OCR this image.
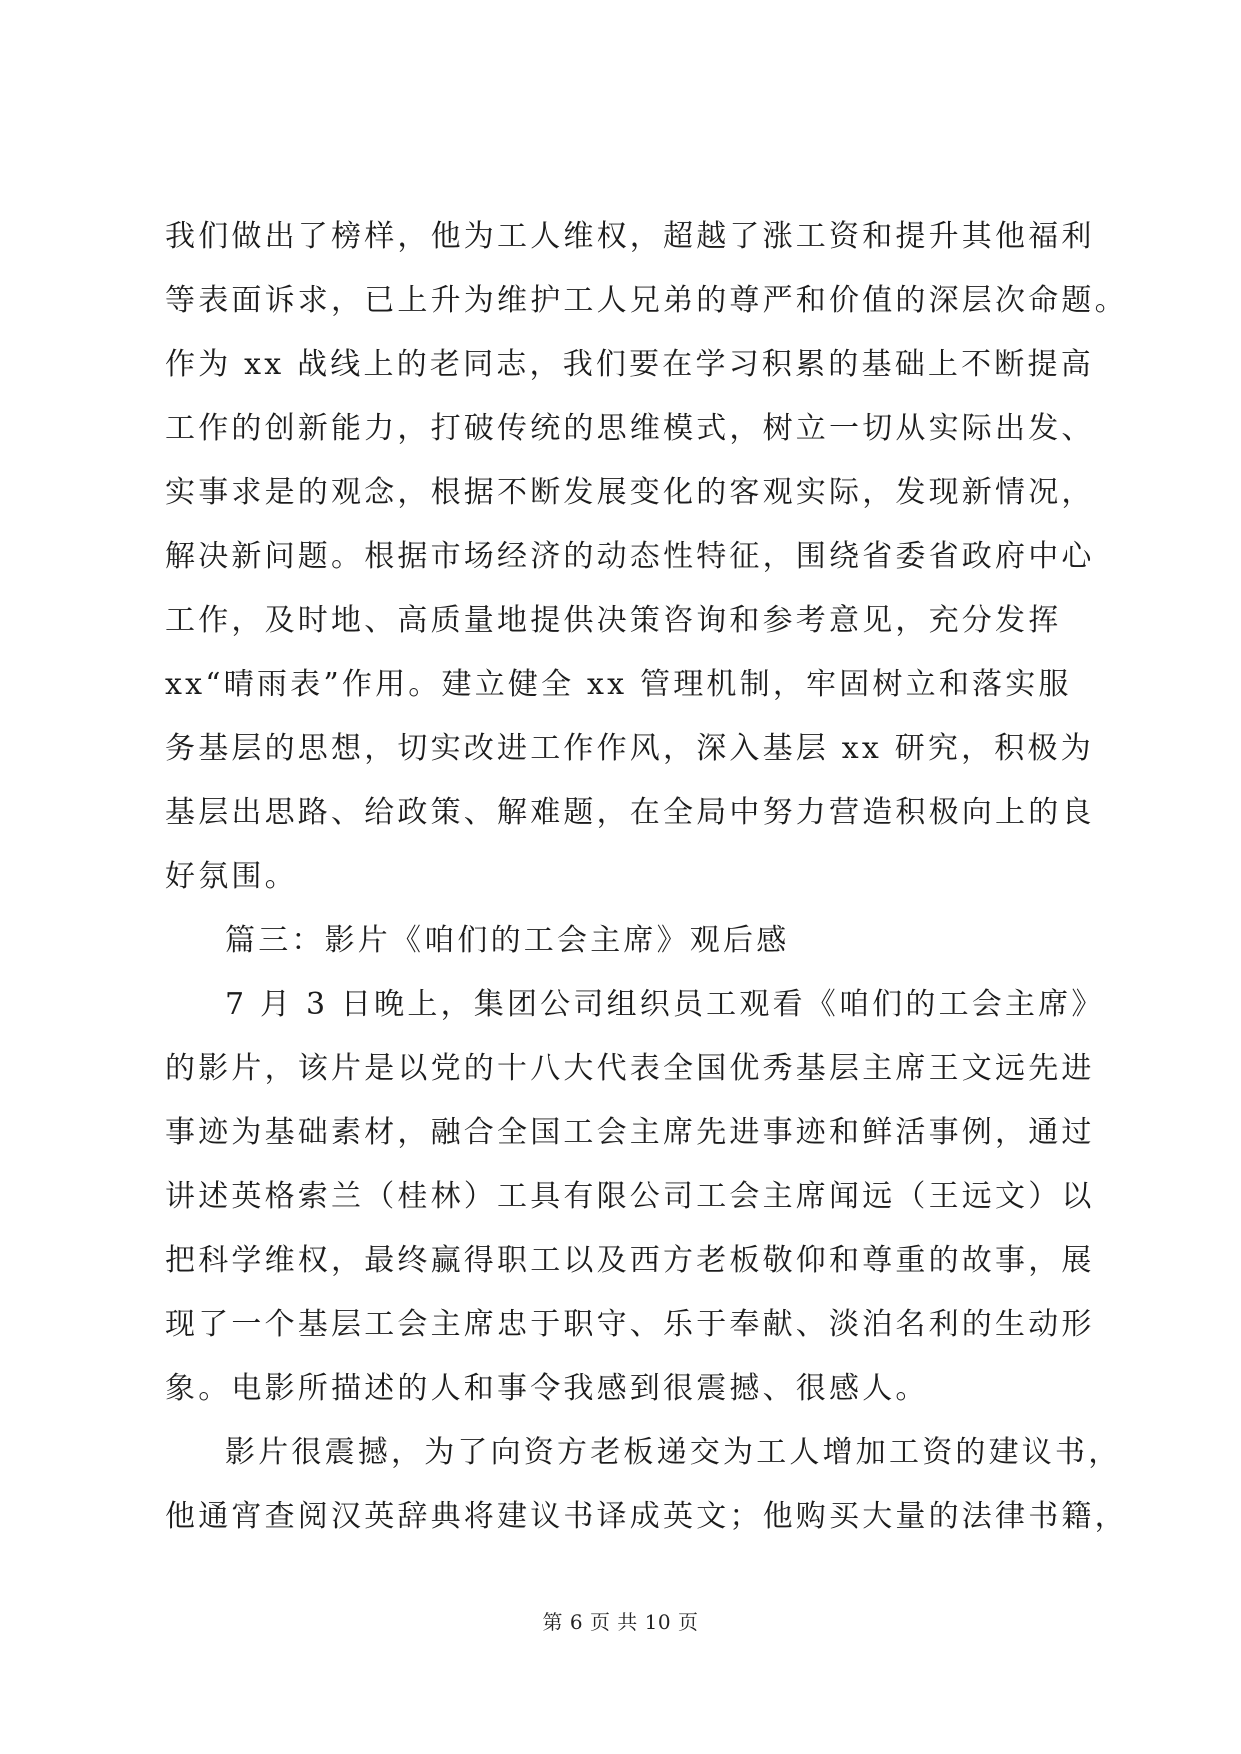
我们做出了榜样，他为工人维权，超越了涨工资和提升其他福利
等表面诉求，已上升为维护工人兄弟的尊严和价值的深层次命题。
作为 xx 战线上的老同志，我们要在学习积累的基础上不断提高
工作的创新能力，打破传统的思维模式，树立一切从实际出发、
实事求是的观念，根据不断发展变化的客观实际，发现新情况，
解决新问题。根据市场经济的动态性特征，围绕省委省政府中心
工作，及时地、高质量地提供决策咨询和参考意见，充分发挥
xx“晴雨表”作用。建立健全 xx 管理机制，牢固树立和落实服
务基层的思想，切实改进工作作风，深入基层 xx 研究，积极为
基层出思路、给政策、解难题，在全局中努力营造积极向上的良
好氛围。
篇三：影片《咱们的工会主席》观后感
7 月 3 日晚上，集团公司组织员工观看《咱们的工会主席》
的影片，该片是以党的十八大代表全国优秀基层主席王文远先进
事迹为基础素材，融合全国工会主席先进事迹和鲜活事例，通过
讲述英格索兰（桂林）工具有限公司工会主席闻远（王远文）以
把科学维权，最终赢得职工以及西方老板敬仰和尊重的故事，展
现了一个基层工会主席忠于职守、乐于奉献、淡泊名利的生动形
象。电影所描述的人和事令我感到很震撼、很感人。
影片很震撼，为了向资方老板递交为工人增加工资的建议书，
他通宵查阅汉英辞典将建议书译成英文；他购买大量的法律书籍，
第 6 页 共 10 页
